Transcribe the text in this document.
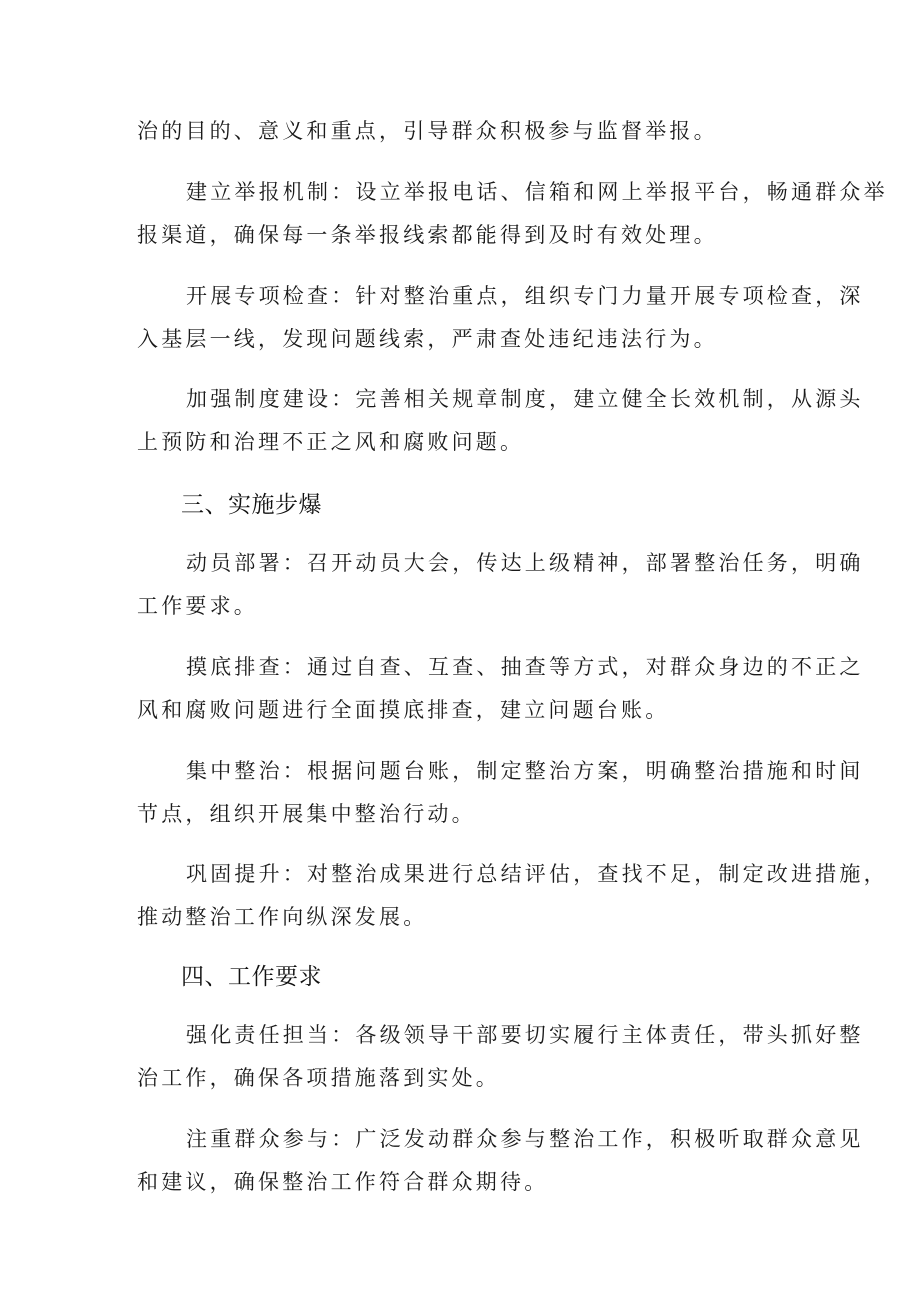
治的目的、意义和重点，引导群众积极参与监督举报。
建立举报机制：设立举报电话、信箱和网上举报平台，畅通群众举
报渠道，确保每一条举报线索都能得到及时有效处理。
开展专项检查：针对整治重点，组织专门力量开展专项检查，深
入基层一线，发现问题线索，严肃查处违纪违法行为。
加强制度建设：完善相关规章制度，建立健全长效机制，从源头
上预防和治理不正之风和腐败问题。
三、实施步爆
动员部署：召开动员大会，传达上级精神，部署整治任务，明确
工作要求。
摸底排查：通过自查、互查、抽查等方式，对群众身边的不正之
风和腐败问题进行全面摸底排查，建立问题台账。
集中整治：根据问题台账，制定整治方案，明确整治措施和时间
节点，组织开展集中整治行动。
巩固提升：对整治成果进行总结评估，查找不足，制定改进措施，
推动整治工作向纵深发展。
四、工作要求
强化责任担当：各级领导干部要切实履行主体责任，带头抓好整
治工作，确保各项措施落到实处。
注重群众参与：广泛发动群众参与整治工作，积极听取群众意见
和建议，确保整治工作符合群众期待。
